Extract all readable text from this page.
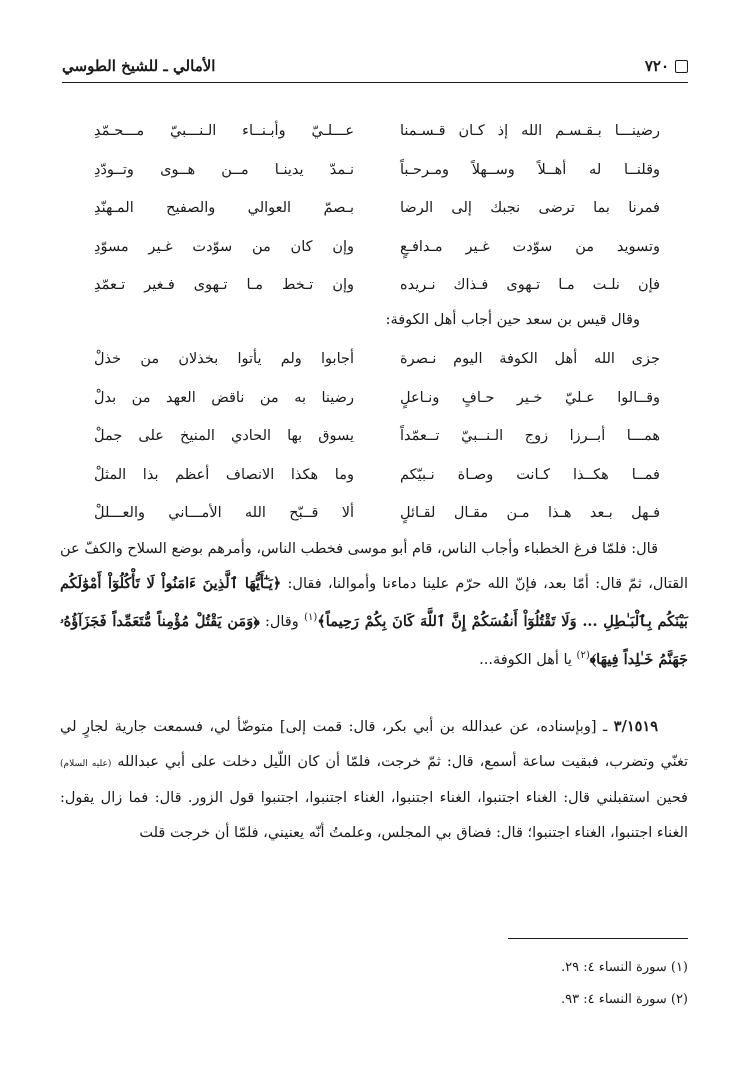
٧٢٠
الأمالي ـ للشيخ الطوسي
رضينـــا بـقـسـم الله إذ كـان قـسـمنا
عـــلـيّ وأبـنــاء الـنـــبيّ مـــحـمّدِ
وقلنــا له أهــلاً وســهلاً ومـرحـباً
نـمدّ يدينـا مــن هــوى وتــودّدِ
فمرنا بما ترضى نجبك إلى الرضا
بـصمّ العوالي والصفيح المـهنّدِ
وتسويد من سوّدت غـير مـدافـعٍ
وإن كان من سوّدت غـير مسوّدِ
فإن نلـت مـا تـهوى فـذاك نـريده
وإن تـخط مـا تـهوى فـغير تـعمّدِ
وقال قيس بن سعد حين أجاب أهل الكوفة:
جزى الله أهل الكوفة اليوم نـصرة
أجابوا ولم يأتوا بخذلان من خذلْ
وقــالوا عـليّ خـير حـافٍ ونـاعلٍ
رضينا به من ناقض العهد من بدلْ
همـــا أبــرزا زوج الـنــبيّ تــعمّداً
يسوق بها الحادي المنيخ على جملْ
فمــا هكــذا كـانت وصـاة نـبيّكم
وما هكذا الانصاف أعظم بذا المثلْ
فـهل بـعد هـذا مـن مقـال لقـائلٍ
ألا قــبّح الله الأمـــاني والعـــللْ

قال: فلمّا فرغ الخطباء وأجاب الناس، قام أبو موسى فخطب الناس، وأمرهم بوضع السلاح والكفّ عن القتال، ثمّ قال: أمّا بعد، فإنّ الله حرّم علينا دماءنا وأموالنا، فقال: ﴿يَـٰٓأَيُّهَا ٱلَّذِينَ ءَامَنُواْ لَا تَأْكُلُوٓاْ أَمْوَٰلَكُم بَيْنَكُم بِٱلْبَـٰطِلِ ... وَلَا تَقْتُلُوٓاْ أَنفُسَكُمْ إِنَّ ٱللَّهَ كَانَ بِكُمْ رَحِيماً﴾$^{(١)}$ وقال: ﴿وَمَن يَقْتُلْ مُؤْمِناً مُّتَعَمِّداً فَجَزَآؤُهُۥ جَهَنَّمُ خَـٰلِداً فِيهَا﴾$^{(٢)}$ يا أهل الكوفة...

٣/١٥١٩ ـ [وبإسناده، عن عبدالله بن أبي بكر، قال: قمت إلى] متوضّأ لي، فسمعت جارية لجارٍ لي تغنّي وتضرب، فبقيت ساعة أسمع، قال: ثمّ خرجت، فلمّا أن كان اللّيل دخلت على أبي عبدالله (عليه السلام) فحين استقبلني قال: الغناء اجتنبوا، الغناء اجتنبوا، الغناء اجتنبوا، اجتنبوا قول الزور. قال: فما زال يقول: الغناء اجتنبوا، الغناء اجتنبوا؛ قال: فضاق بي المجلس، وعلمتُ أنّه يعنيني، فلمّا أن خرجت قلت

(١) سورة النساء ٤: ٢٩.
(٢) سورة النساء ٤: ٩٣.
